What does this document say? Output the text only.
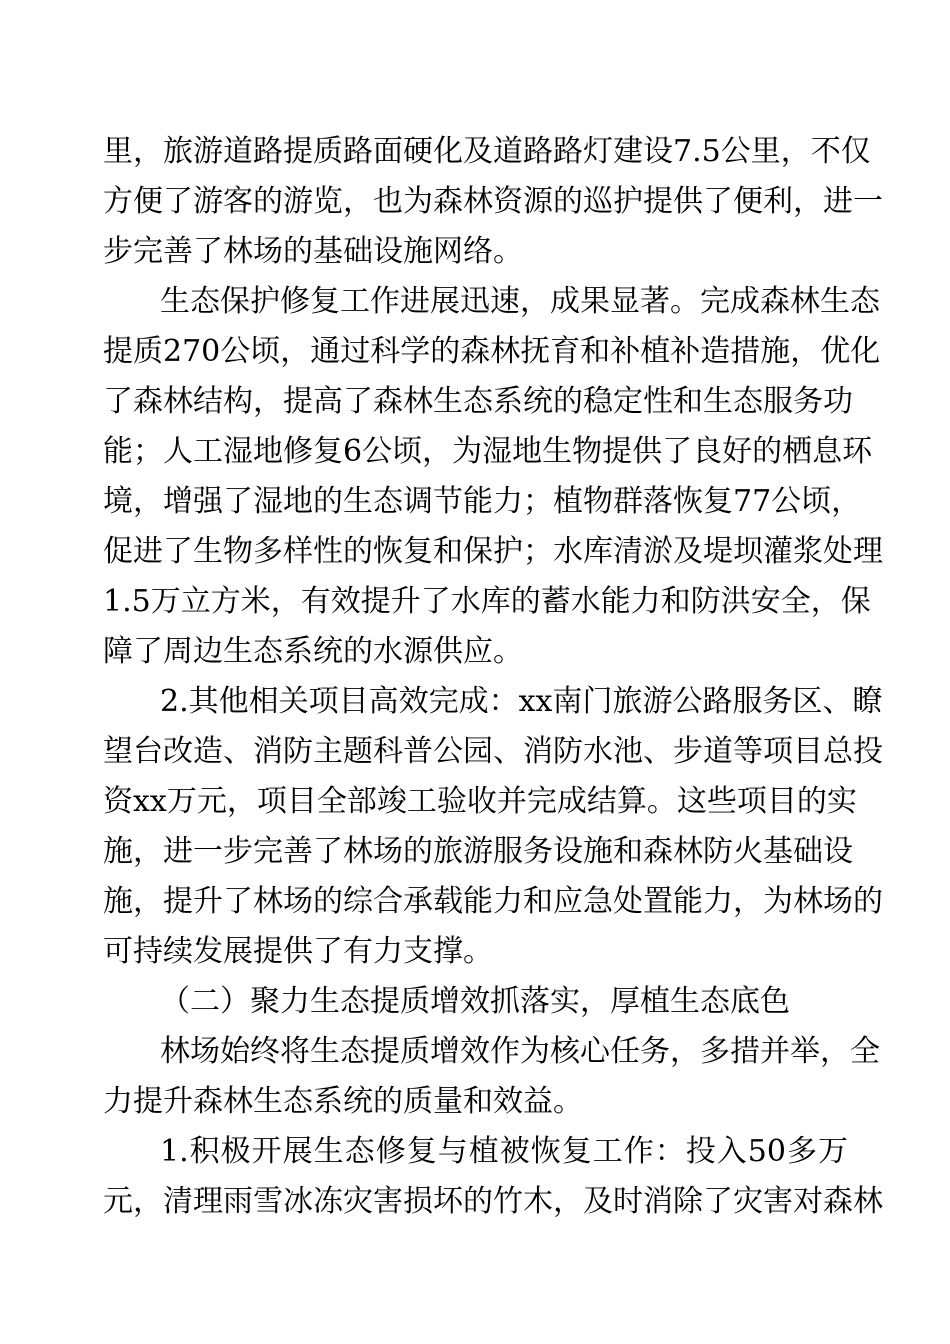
里，旅游道路提质路面硬化及道路路灯建设7.5公里，不仅
方便了游客的游览，也为森林资源的巡护提供了便利，进一
步完善了林场的基础设施网络。
生态保护修复工作进展迅速，成果显著。完成森林生态
提质270公顷，通过科学的森林抚育和补植补造措施，优化
了森林结构，提高了森林生态系统的稳定性和生态服务功
能；人工湿地修复6公顷，为湿地生物提供了良好的栖息环
境，增强了湿地的生态调节能力；植物群落恢复77公顷，
促进了生物多样性的恢复和保护；水库清淤及堤坝灌浆处理
1.5万立方米，有效提升了水库的蓄水能力和防洪安全，保
障了周边生态系统的水源供应。
2.其他相关项目高效完成：xx南门旅游公路服务区、瞭
望台改造、消防主题科普公园、消防水池、步道等项目总投
资xx万元，项目全部竣工验收并完成结算。这些项目的实
施，进一步完善了林场的旅游服务设施和森林防火基础设
施，提升了林场的综合承载能力和应急处置能力，为林场的
可持续发展提供了有力支撑。
（二）聚力生态提质增效抓落实，厚植生态底色
林场始终将生态提质增效作为核心任务，多措并举，全
力提升森林生态系统的质量和效益。
1.积极开展生态修复与植被恢复工作：投入50多万
元，清理雨雪冰冻灾害损坏的竹木，及时消除了灾害对森林
